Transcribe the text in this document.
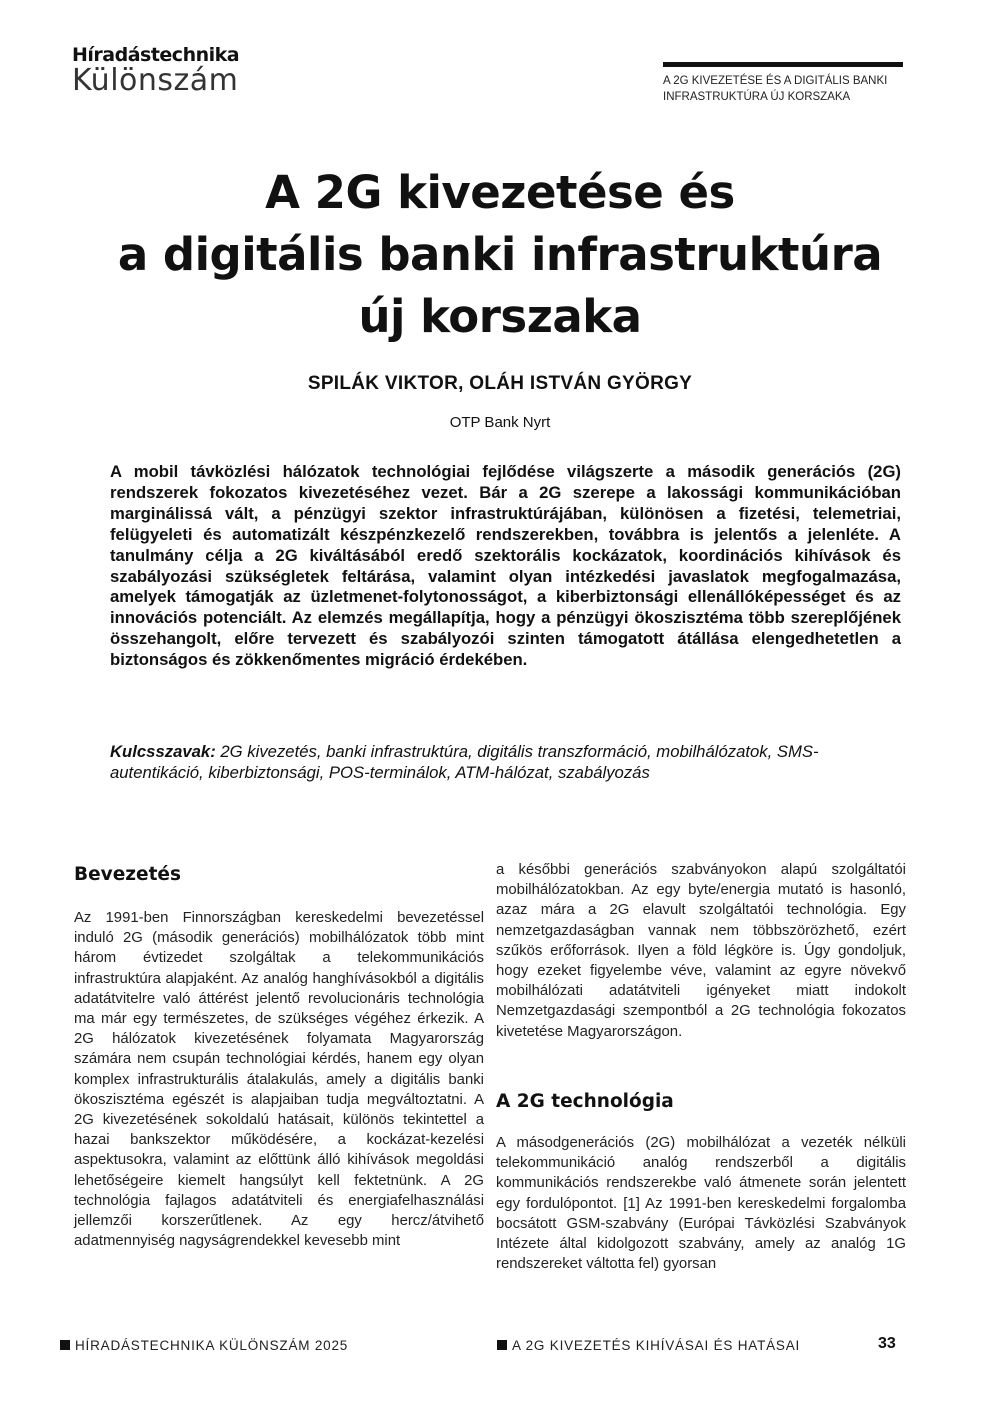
Híradástechnika
Különszám	A 2G KIVEZETÉSE ÉS A DIGITÁLIS BANKI
INFRASTRUKTÚRA ÚJ KORSZAKA
A 2G kivezetése és
a digitális banki infrastruktúra
új korszaka
SPILÁK VIKTOR, OLÁH ISTVÁN GYÖRGY
OTP Bank Nyrt

A mobil távközlési hálózatok technológiai fejlődése világszerte a második generációs (2G) rendszerek fokozatos kivezetéséhez vezet. Bár a 2G szerepe a lakossági kommunikációban marginálissá vált, a pénzügyi szektor infrastruktúrájában, különösen a fizetési, telemetriai, felügyeleti és automatizált készpénzkezelő rendszerekben, továbbra is jelentős a jelenléte. A tanulmány célja a 2G kiváltásából eredő szektorális kockázatok, koordinációs kihívások és szabályozási szükségletek feltárása, valamint olyan intézkedési javaslatok megfogalmazása, amelyek támogatják az üzletmenet-folytonosságot, a kiberbiztonsági ellenállóképességet és az innovációs potenciált. Az elemzés megállapítja, hogy a pénzügyi ökoszisztéma több szereplőjének összehangolt, előre tervezett és szabályozói szinten támogatott átállása elengedhetetlen a biztonságos és zökkenőmentes migráció érdekében.

Kulcsszavak: 2G kivezetés, banki infrastruktúra, digitális transzformáció, mobilhálózatok, SMS-autentikáció, kiberbiztonsági, POS-terminálok, ATM-hálózat, szabályozás

Bevezetés

Az 1991-ben Finnországban kereskedelmi bevezetéssel induló 2G (második generációs) mobilhálózatok több mint három évtizedet szolgáltak a telekommunikációs infrastruktúra alapjaként. Az analóg hanghívásokból a digitális adatátvitelre való áttérést jelentő revolucionáris technológia ma már egy természetes, de szükséges végéhez érkezik. A 2G hálózatok kivezetésének folyamata Magyarország számára nem csupán technológiai kérdés, hanem egy olyan komplex infrastrukturális átalakulás, amely a digitális banki ökoszisztéma egészét is alapjaiban tudja megváltoztatni. A 2G kivezetésének sokoldalú hatásait, különös tekintettel a hazai bankszektor működésére, a kockázat-kezelési aspektusokra, valamint az előttünk álló kihívások megoldási lehetőségeire kiemelt hangsúlyt kell fektetnünk. A 2G technológia fajlagos adatátviteli és energiafelhasználási jellemzői korszerűtlenek. Az egy hercz/átvihető adatmennyiség nagyságrendekkel kevesebb mint

a későbbi generációs szabványokon alapú szolgáltatói mobilhálózatokban. Az egy byte/energia mutató is hasonló, azaz mára a 2G elavult szolgáltatói technológia. Egy nemzetgazdaságban vannak nem többszörözhető, ezért szűkös erőforrások. Ilyen a föld légköre is. Úgy gondoljuk, hogy ezeket figyelembe véve, valamint az egyre növekvő mobilhálózati adatátviteli igényeket miatt indokolt Nemzetgazdasági szempontból a 2G technológia fokozatos kivetetése Magyarországon.

A 2G technológia

A másodgenerációs (2G) mobilhálózat a vezeték nélküli telekommunikáció analóg rendszerből a digitális kommunikációs rendszerekbe való átmenete során jelentett egy fordulópontot. [1] Az 1991-ben kereskedelmi forgalomba bocsátott GSM-szabvány (Európai Távközlési Szabványok Intézete által kidolgozott szabvány, amely az analóg 1G rendszereket váltotta fel) gyorsan

HÍRADÁSTECHNIKA KÜLÖNSZÁM 2025	A 2G KIVEZETÉS KIHÍVÁSAI ÉS HATÁSAI	33
